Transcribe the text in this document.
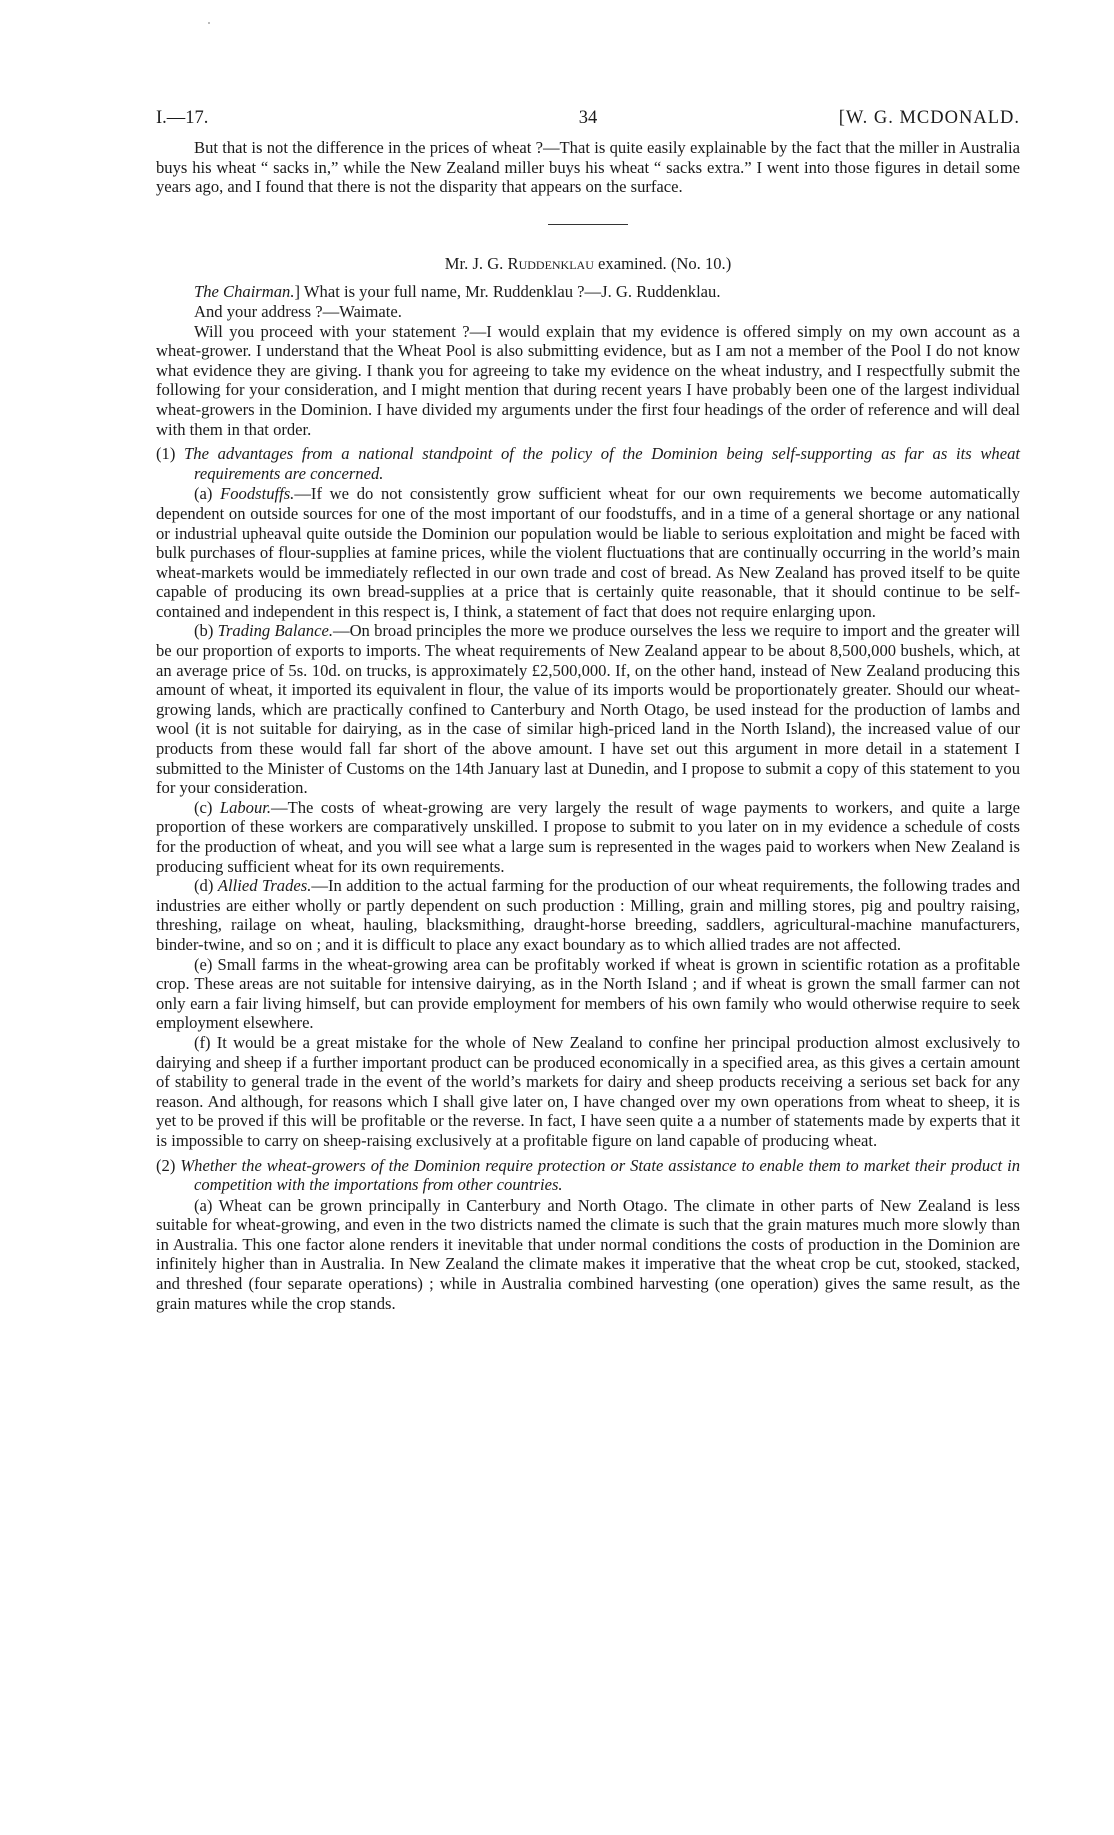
I.—17.	34	[W. G. MCDONALD.

But that is not the difference in the prices of wheat ?—That is quite easily explainable by the fact that the miller in Australia buys his wheat “ sacks in,” while the New Zealand miller buys his wheat “ sacks extra.” I went into those figures in detail some years ago, and I found that there is not the disparity that appears on the surface.

Mr. J. G. Ruddenklau examined. (No. 10.)

The Chairman.] What is your full name, Mr. Ruddenklau ?—J. G. Ruddenklau.

And your address ?—Waimate.

Will you proceed with your statement ?—I would explain that my evidence is offered simply on my own account as a wheat-grower. I understand that the Wheat Pool is also submitting evidence, but as I am not a member of the Pool I do not know what evidence they are giving. I thank you for agreeing to take my evidence on the wheat industry, and I respectfully submit the following for your consideration, and I might mention that during recent years I have probably been one of the largest individual wheat-growers in the Dominion. I have divided my arguments under the first four headings of the order of reference and will deal with them in that order.

(1) The advantages from a national standpoint of the policy of the Dominion being self-supporting as far as its wheat requirements are concerned.

(a) Foodstuffs.—If we do not consistently grow sufficient wheat for our own requirements we become automatically dependent on outside sources for one of the most important of our foodstuffs, and in a time of a general shortage or any national or industrial upheaval quite outside the Dominion our population would be liable to serious exploitation and might be faced with bulk purchases of flour-supplies at famine prices, while the violent fluctuations that are continually occurring in the world’s main wheat-markets would be immediately reflected in our own trade and cost of bread. As New Zealand has proved itself to be quite capable of producing its own bread-supplies at a price that is certainly quite reasonable, that it should continue to be self-contained and independent in this respect is, I think, a statement of fact that does not require enlarging upon.

(b) Trading Balance.—On broad principles the more we produce ourselves the less we require to import and the greater will be our proportion of exports to imports. The wheat requirements of New Zealand appear to be about 8,500,000 bushels, which, at an average price of 5s. 10d. on trucks, is approximately £2,500,000. If, on the other hand, instead of New Zealand producing this amount of wheat, it imported its equivalent in flour, the value of its imports would be proportionately greater. Should our wheat-growing lands, which are practically confined to Canterbury and North Otago, be used instead for the production of lambs and wool (it is not suitable for dairying, as in the case of similar high-priced land in the North Island), the increased value of our products from these would fall far short of the above amount. I have set out this argument in more detail in a statement I submitted to the Minister of Customs on the 14th January last at Dunedin, and I propose to submit a copy of this statement to you for your consideration.

(c) Labour.—The costs of wheat-growing are very largely the result of wage payments to workers, and quite a large proportion of these workers are comparatively unskilled. I propose to submit to you later on in my evidence a schedule of costs for the production of wheat, and you will see what a large sum is represented in the wages paid to workers when New Zealand is producing sufficient wheat for its own requirements.

(d) Allied Trades.—In addition to the actual farming for the production of our wheat requirements, the following trades and industries are either wholly or partly dependent on such production : Milling, grain and milling stores, pig and poultry raising, threshing, railage on wheat, hauling, blacksmithing, draught-horse breeding, saddlers, agricultural-machine manufacturers, binder-twine, and so on ; and it is difficult to place any exact boundary as to which allied trades are not affected.

(e) Small farms in the wheat-growing area can be profitably worked if wheat is grown in scientific rotation as a profitable crop. These areas are not suitable for intensive dairying, as in the North Island ; and if wheat is grown the small farmer can not only earn a fair living himself, but can provide employment for members of his own family who would otherwise require to seek employment elsewhere.

(f) It would be a great mistake for the whole of New Zealand to confine her principal production almost exclusively to dairying and sheep if a further important product can be produced economically in a specified area, as this gives a certain amount of stability to general trade in the event of the world’s markets for dairy and sheep products receiving a serious set back for any reason. And although, for reasons which I shall give later on, I have changed over my own operations from wheat to sheep, it is yet to be proved if this will be profitable or the reverse. In fact, I have seen quite a a number of statements made by experts that it is impossible to carry on sheep-raising exclusively at a profitable figure on land capable of producing wheat.

(2) Whether the wheat-growers of the Dominion require protection or State assistance to enable them to market their product in competition with the importations from other countries.

(a) Wheat can be grown principally in Canterbury and North Otago. The climate in other parts of New Zealand is less suitable for wheat-growing, and even in the two districts named the climate is such that the grain matures much more slowly than in Australia. This one factor alone renders it inevitable that under normal conditions the costs of production in the Dominion are infinitely higher than in Australia. In New Zealand the climate makes it imperative that the wheat crop be cut, stooked, stacked, and threshed (four separate operations) ; while in Australia combined harvesting (one operation) gives the same result, as the grain matures while the crop stands.
